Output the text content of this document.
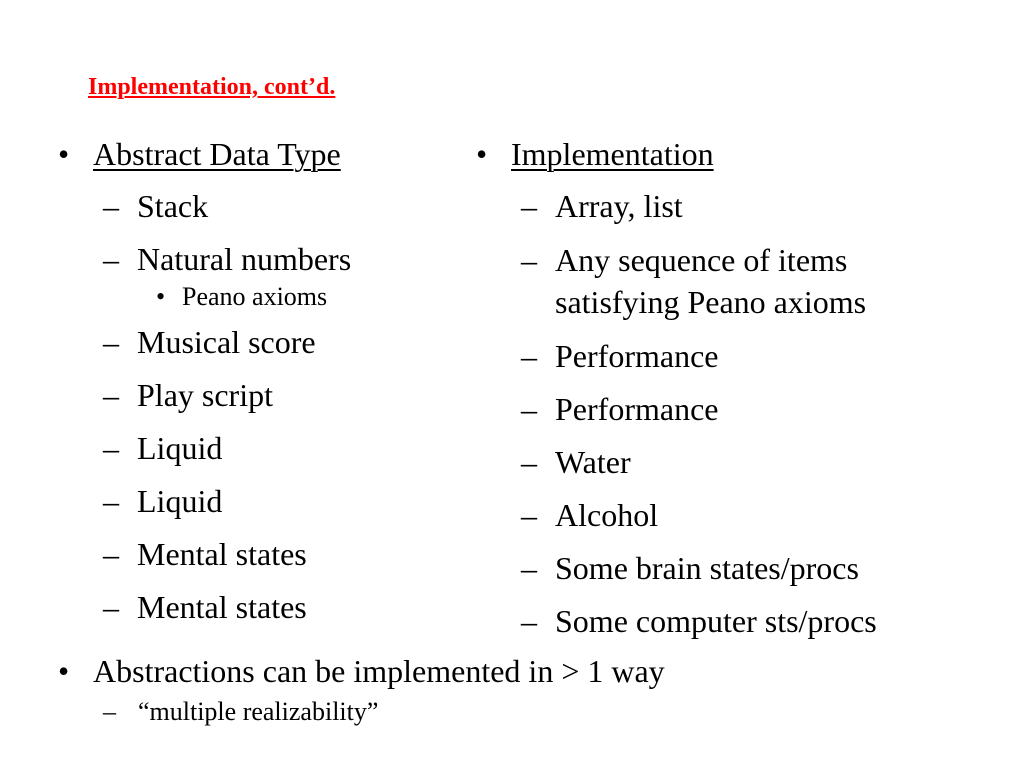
Implementation, cont’d.
• Abstract Data Type
– Stack
– Natural numbers
• Peano axioms
– Musical score
– Play script
– Liquid
– Liquid
– Mental states
– Mental states
• Implementation
– Array, list
– Any sequence of items satisfying Peano axioms
– Performance
– Performance
– Water
– Alcohol
– Some brain states/procs
– Some computer sts/procs
• Abstractions can be implemented in > 1 way
– “multiple realizability”
